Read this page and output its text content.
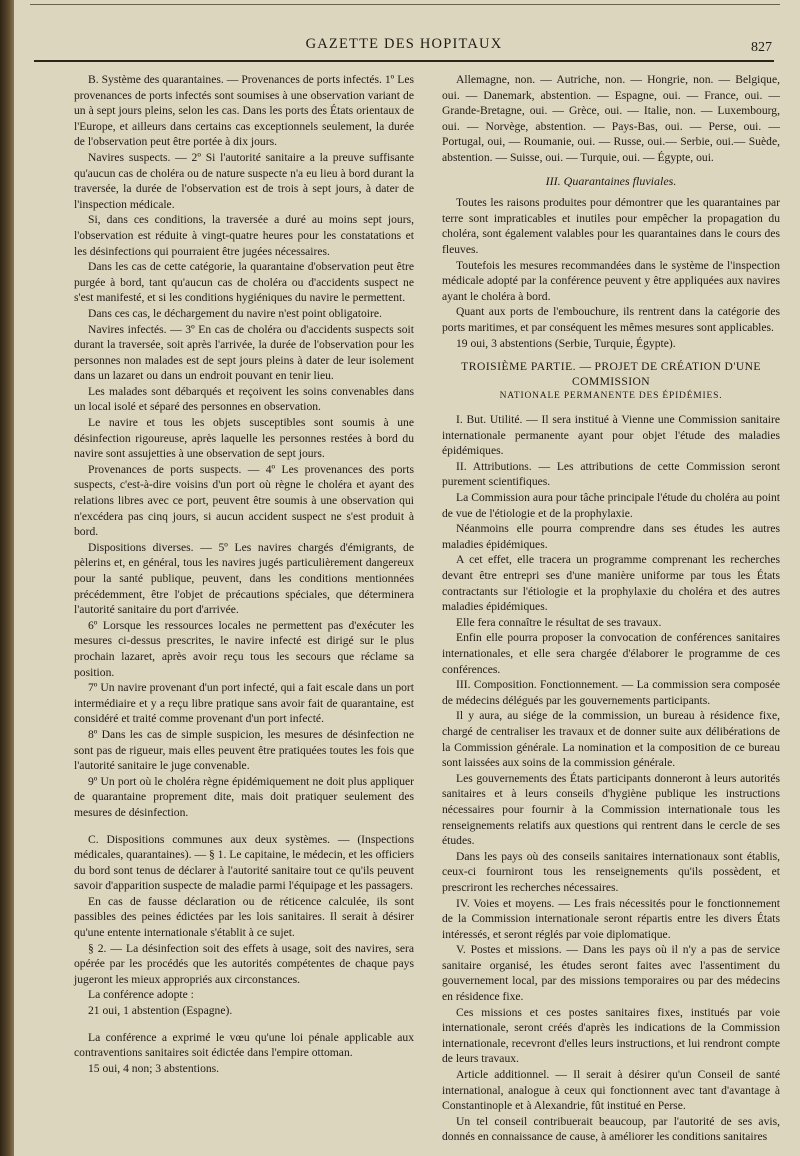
GAZETTE DES HOPITAUX	827

B. Système des quarantaines. — Provenances de ports infectés. 1º Les provenances de ports infectés sont soumises à une observation variant de un à sept jours pleins, selon les cas. Dans les ports des États orientaux de l'Europe, et ailleurs dans certains cas exceptionnels seulement, la durée de l'observation peut être portée à dix jours.

Navires suspects. — 2º Si l'autorité sanitaire a la preuve suffisante qu'aucun cas de choléra ou de nature suspecte n'a eu lieu à bord durant la traversée, la durée de l'observation est de trois à sept jours, à dater de l'inspection médicale.

Si, dans ces conditions, la traversée a duré au moins sept jours, l'observation est réduite à vingt-quatre heures pour les constatations et les désinfections qui pourraient être jugées nécessaires.

Dans les cas de cette catégorie, la quarantaine d'observation peut être purgée à bord, tant qu'aucun cas de choléra ou d'accidents suspect ne s'est manifesté, et si les conditions hygiéniques du navire le permettent.

Dans ces cas, le déchargement du navire n'est point obligatoire.

Navires infectés. — 3º En cas de choléra ou d'accidents suspects soit durant la traversée, soit après l'arrivée, la durée de l'observation pour les personnes non malades est de sept jours pleins à dater de leur isolement dans un lazaret ou dans un endroit pouvant en tenir lieu.

Les malades sont débarqués et reçoivent les soins convenables dans un local isolé et séparé des personnes en observation.

Le navire et tous les objets susceptibles sont soumis à une désinfection rigoureuse, après laquelle les personnes restées à bord du navire sont assujetties à une observation de sept jours.

Provenances de ports suspects. — 4º Les provenances des ports suspects, c'est-à-dire voisins d'un port où règne le choléra et ayant des relations libres avec ce port, peuvent être soumis à une observation qui n'excédera pas cinq jours, si aucun accident suspect ne s'est produit à bord.

Dispositions diverses. — 5º Les navires chargés d'émigrants, de pèlerins et, en général, tous les navires jugés particulièrement dangereux pour la santé publique, peuvent, dans les conditions mentionnées précédemment, être l'objet de précautions spéciales, que déterminera l'autorité sanitaire du port d'arrivée.

6º Lorsque les ressources locales ne permettent pas d'exécuter les mesures ci-dessus prescrites, le navire infecté est dirigé sur le plus prochain lazaret, après avoir reçu tous les secours que réclame sa position.

7º Un navire provenant d'un port infecté, qui a fait escale dans un port intermédiaire et y a reçu libre pratique sans avoir fait de quarantaine, est considéré et traité comme provenant d'un port infecté.

8º Dans les cas de simple suspicion, les mesures de désinfection ne sont pas de rigueur, mais elles peuvent être pratiquées toutes les fois que l'autorité sanitaire le juge convenable.

9º Un port où le choléra règne épidémiquement ne doit plus appliquer de quarantaine proprement dite, mais doit pratiquer seulement des mesures de désinfection.

C. Dispositions communes aux deux systèmes. — (Inspections médicales, quarantaines). — § 1. Le capitaine, le médecin, et les officiers du bord sont tenus de déclarer à l'autorité sanitaire tout ce qu'ils peuvent savoir d'apparition suspecte de maladie parmi l'équipage et les passagers.

En cas de fausse déclaration ou de réticence calculée, ils sont passibles des peines édictées par les lois sanitaires. Il serait à désirer qu'une entente internationale s'établit à ce sujet.

§ 2. — La désinfection soit des effets à usage, soit des navires, sera opérée par les procédés que les autorités compétentes de chaque pays jugeront les mieux appropriés aux circonstances.

La conférence adopte :

21 oui, 1 abstention (Espagne).

La conférence a exprimé le vœu qu'une loi pénale applicable aux contraventions sanitaires soit édictée dans l'empire ottoman.

15 oui, 4 non; 3 abstentions.

Allemagne, non. — Autriche, non. — Hongrie, non. — Belgique, oui. — Danemark, abstention. — Espagne, oui. — France, oui. — Grande-Bretagne, oui. — Grèce, oui. — Italie, non. — Luxembourg, oui. — Norvège, abstention. — Pays-Bas, oui. — Perse, oui. — Portugal, oui, — Roumanie, oui. — Russe, oui.— Serbie, oui.— Suède, abstention. — Suisse, oui. — Turquie, oui. — Égypte, oui.

III. Quarantaines fluviales.

Toutes les raisons produites pour démontrer que les quarantaines par terre sont impraticables et inutiles pour empêcher la propagation du choléra, sont également valables pour les quarantaines dans le cours des fleuves.

Toutefois les mesures recommandées dans le système de l'inspection médicale adopté par la conférence peuvent y être appliquées aux navires ayant le choléra à bord.

Quant aux ports de l'embouchure, ils rentrent dans la catégorie des ports maritimes, et par conséquent les mêmes mesures sont applicables.

19 oui, 3 abstentions (Serbie, Turquie, Égypte).

TROISIÈME PARTIE. — PROJET DE CRÉATION D'UNE COMMISSION
NATIONALE PERMANENTE DES ÉPIDÉMIES.

I. But. Utilité. — Il sera institué à Vienne une Commission sanitaire internationale permanente ayant pour objet l'étude des maladies épidémiques.

II. Attributions. — Les attributions de cette Commission seront purement scientifiques.

La Commission aura pour tâche principale l'étude du choléra au point de vue de l'étiologie et de la prophylaxie.

Néanmoins elle pourra comprendre dans ses études les autres maladies épidémiques.

A cet effet, elle tracera un programme comprenant les recherches devant être entrepri ses d'une manière uniforme par tous les États contractants sur l'étiologie et la prophylaxie du choléra et des autres maladies épidémiques.

Elle fera connaître le résultat de ses travaux.

Enfin elle pourra proposer la convocation de conférences sanitaires internationales, et elle sera chargée d'élaborer le programme de ces conférences.

III. Composition. Fonctionnement. — La commission sera composée de médecins délégués par les gouvernements participants.

Il y aura, au siége de la commission, un bureau à résidence fixe, chargé de centraliser les travaux et de donner suite aux délibérations de la Commission générale. La nomination et la composition de ce bureau sont laissées aux soins de la commission générale.

Les gouvernements des États participants donneront à leurs autorités sanitaires et à leurs conseils d'hygiène publique les instructions nécessaires pour fournir à la Commission internationale tous les renseignements relatifs aux questions qui rentrent dans le cercle de ses études.

Dans les pays où des conseils sanitaires internationaux sont établis, ceux-ci fourniront tous les renseignements qu'ils possèdent, et prescriront les recherches nécessaires.

IV. Voies et moyens. — Les frais nécessités pour le fonctionnement de la Commission internationale seront répartis entre les divers États intéressés, et seront réglés par voie diplomatique.

V. Postes et missions. — Dans les pays où il n'y a pas de service sanitaire organisé, les études seront faites avec l'assentiment du gouvernement local, par des missions temporaires ou par des médecins en résidence fixe.

Ces missions et ces postes sanitaires fixes, institués par voie internationale, seront créés d'après les indications de la Commission internationale, recevront d'elles leurs instructions, et lui rendront compte de leurs travaux.

Article additionnel. — Il serait à désirer qu'un Conseil de santé international, analogue à ceux qui fonctionnent avec tant d'avantage à Constantinople et à Alexandrie, fût institué en Perse.

Un tel conseil contribuerait beaucoup, par l'autorité de ses avis, donnés en connaissance de cause, à améliorer les conditions sanitaires
